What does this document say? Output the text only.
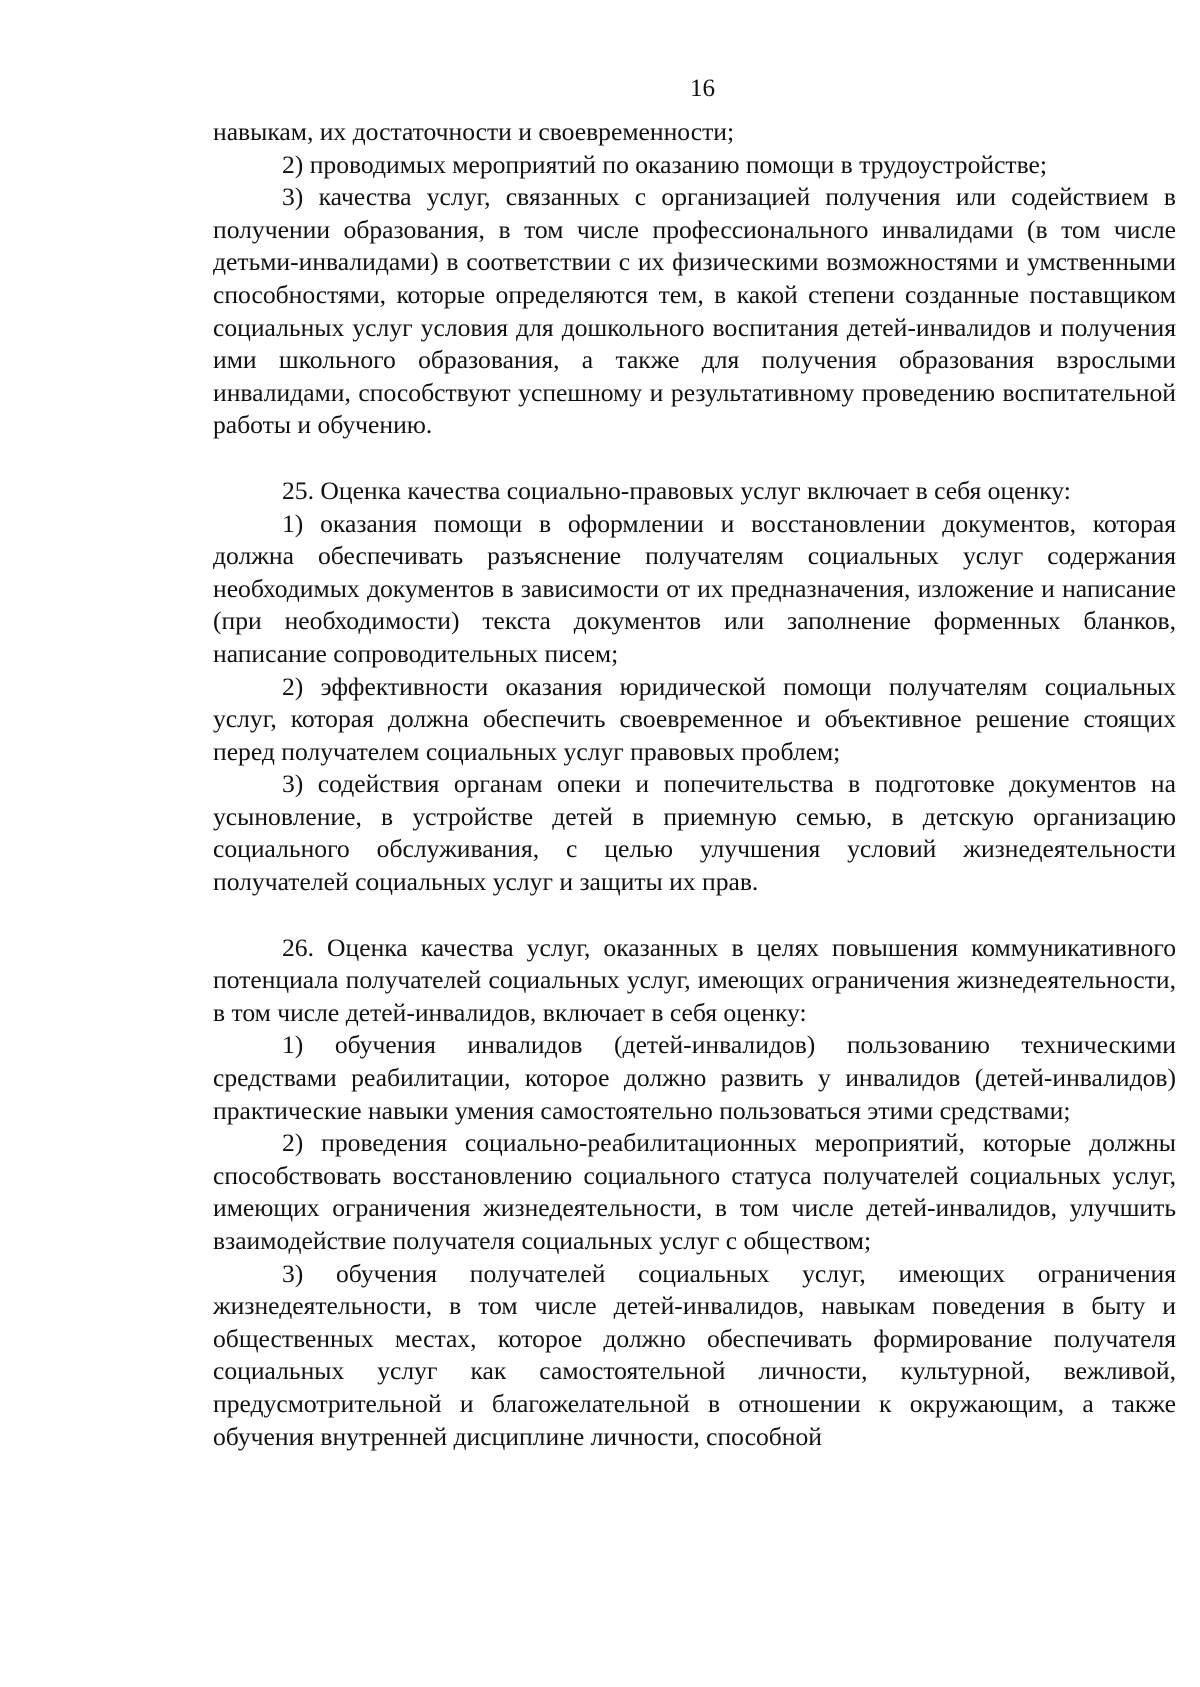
16

навыкам, их достаточности и своевременности;

2) проводимых мероприятий по оказанию помощи в трудоустройстве;

3) качества услуг, связанных с организацией получения или содействием в получении образования, в том числе профессионального инвалидами (в том числе детьми-инвалидами) в соответствии с их физическими возможностями и умственными способностями, которые определяются тем, в какой степени созданные поставщиком социальных услуг условия для дошкольного воспитания детей-инвалидов и получения ими школьного образования, а также для получения образования взрослыми инвалидами, способствуют успешному и результативному проведению воспитательной работы и обучению.

25. Оценка качества социально-правовых услуг включает в себя оценку:

1) оказания помощи в оформлении и восстановлении документов, которая должна обеспечивать разъяснение получателям социальных услуг содержания необходимых документов в зависимости от их предназначения, изложение и написание (при необходимости) текста документов или заполнение форменных бланков, написание сопроводительных писем;

2) эффективности оказания юридической помощи получателям социальных услуг, которая должна обеспечить своевременное и объективное решение стоящих перед получателем социальных услуг правовых проблем;

3) содействия органам опеки и попечительства в подготовке документов на усыновление, в устройстве детей в приемную семью, в детскую организацию социального обслуживания, с целью улучшения условий жизнедеятельности получателей социальных услуг и защиты их прав.

26. Оценка качества услуг, оказанных в целях повышения коммуникативного потенциала получателей социальных услуг, имеющих ограничения жизнедеятельности, в том числе детей-инвалидов, включает в себя оценку:

1) обучения инвалидов (детей-инвалидов) пользованию техническими средствами реабилитации, которое должно развить у инвалидов (детей-инвалидов) практические навыки умения самостоятельно пользоваться этими средствами;

2) проведения социально-реабилитационных мероприятий, которые должны способствовать восстановлению социального статуса получателей социальных услуг, имеющих ограничения жизнедеятельности, в том числе детей-инвалидов, улучшить взаимодействие получателя социальных услуг с обществом;

3) обучения получателей социальных услуг, имеющих ограничения жизнедеятельности, в том числе детей-инвалидов, навыкам поведения в быту и общественных местах, которое должно обеспечивать формирование получателя социальных услуг как самостоятельной личности, культурной, вежливой, предусмотрительной и благожелательной в отношении к окружающим, а также обучения внутренней дисциплине личности, способной
